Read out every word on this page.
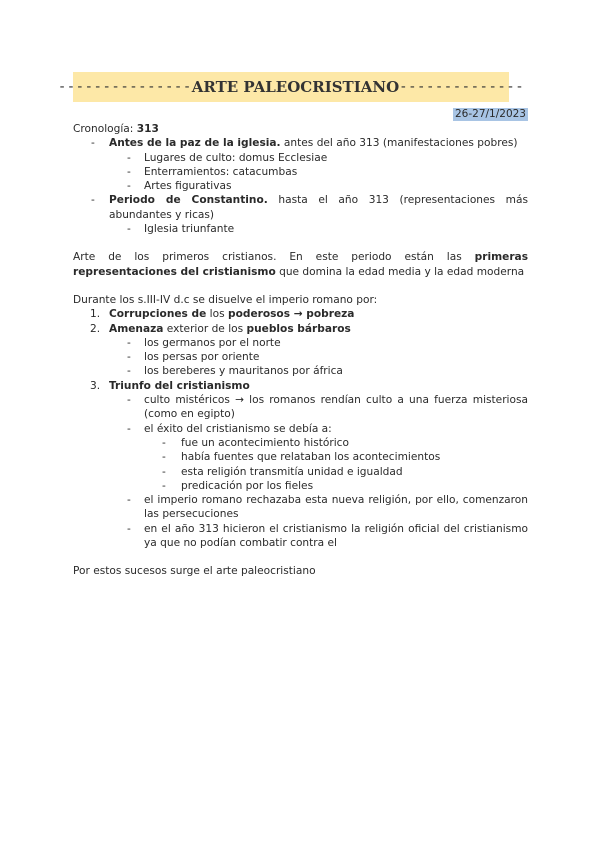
--------------- ARTE PALEOCRISTIANO --------------
26-27/1/2023
Cronología: 313
- Antes de la paz de la iglesia. antes del año 313 (manifestaciones pobres)
- Lugares de culto: domus Ecclesiae
- Enterramientos: catacumbas
- Artes figurativas
- Periodo de Constantino. hasta el año 313 (representaciones más abundantes y ricas)
- Iglesia triunfante
Arte de los primeros cristianos. En este periodo están las primeras representaciones del cristianismo que domina la edad media y la edad moderna
Durante los s.III-IV d.c se disuelve el imperio romano por:
1. Corrupciones de los poderosos → pobreza
2. Amenaza exterior de los pueblos bárbaros
- los germanos por el norte
- los persas por oriente
- los bereberes y mauritanos por áfrica
3. Triunfo del cristianismo
- culto mistéricos → los romanos rendían culto a una fuerza misteriosa (como en egipto)
- el éxito del cristianismo se debía a:
- fue un acontecimiento histórico
- había fuentes que relataban los acontecimientos
- esta religión transmitía unidad e igualdad
- predicación por los fieles
- el imperio romano rechazaba esta nueva religión, por ello, comenzaron las persecuciones
- en el año 313 hicieron el cristianismo la religión oficial del cristianismo ya que no podían combatir contra el
Por estos sucesos surge el arte paleocristiano
